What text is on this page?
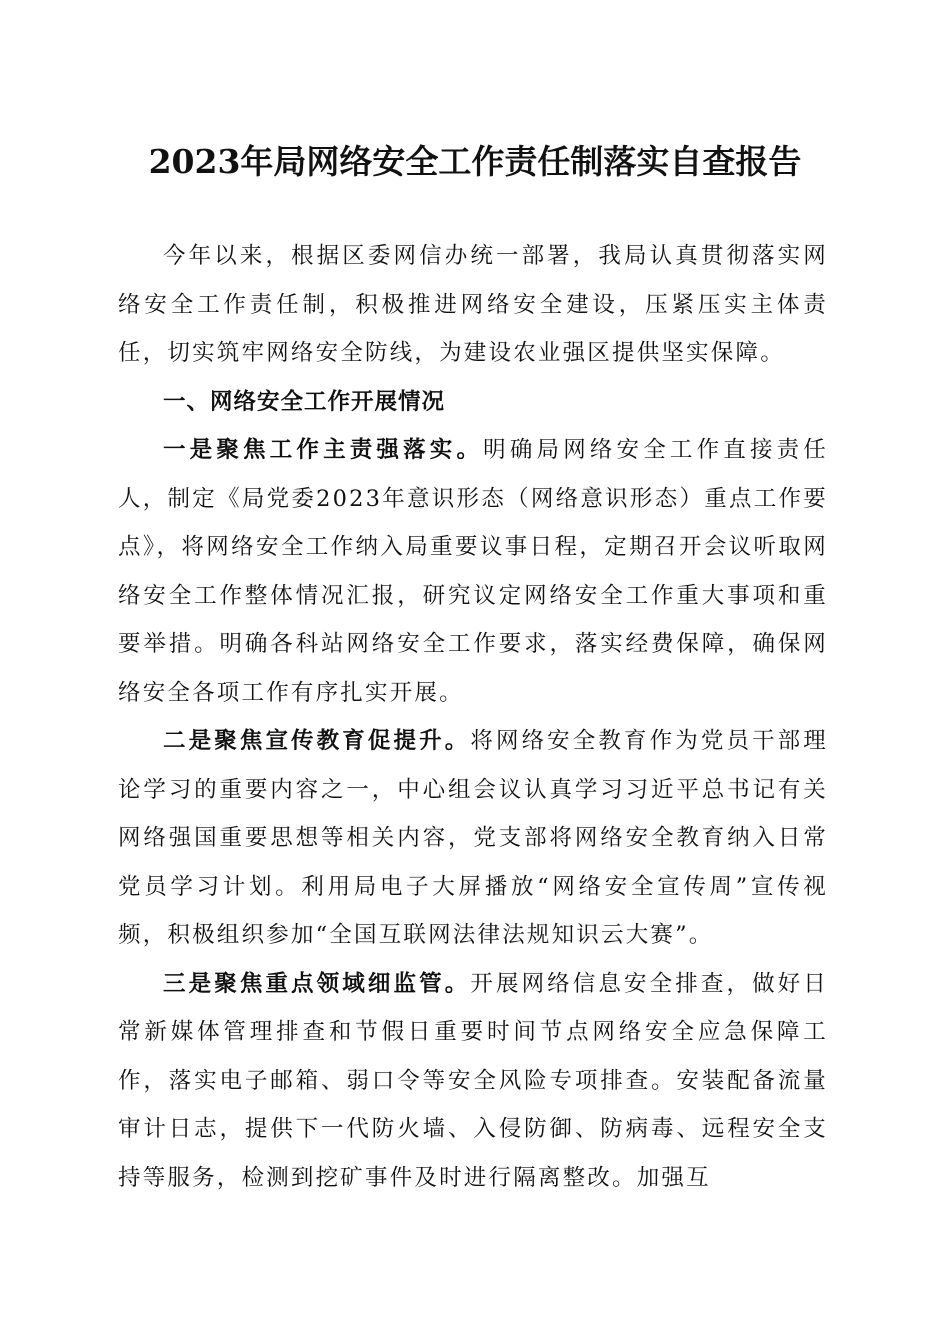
2023年局网络安全工作责任制落实自查报告

今年以来，根据区委网信办统一部署，我局认真贯彻落实网络安全工作责任制，积极推进网络安全建设，压紧压实主体责任，切实筑牢网络安全防线，为建设农业强区提供坚实保障。

一、网络安全工作开展情况

一是聚焦工作主责强落实。明确局网络安全工作直接责任人，制定《局党委2023年意识形态（网络意识形态）重点工作要点》，将网络安全工作纳入局重要议事日程，定期召开会议听取网络安全工作整体情况汇报，研究议定网络安全工作重大事项和重要举措。明确各科站网络安全工作要求，落实经费保障，确保网络安全各项工作有序扎实开展。

二是聚焦宣传教育促提升。将网络安全教育作为党员干部理论学习的重要内容之一，中心组会议认真学习习近平总书记有关网络强国重要思想等相关内容，党支部将网络安全教育纳入日常党员学习计划。利用局电子大屏播放“网络安全宣传周”宣传视频，积极组织参加“全国互联网法律法规知识云大赛”。

三是聚焦重点领域细监管。开展网络信息安全排查，做好日常新媒体管理排查和节假日重要时间节点网络安全应急保障工作，落实电子邮箱、弱口令等安全风险专项排查。安装配备流量审计日志，提供下一代防火墙、入侵防御、防病毒、远程安全支持等服务，检测到挖矿事件及时进行隔离整改。加强互
